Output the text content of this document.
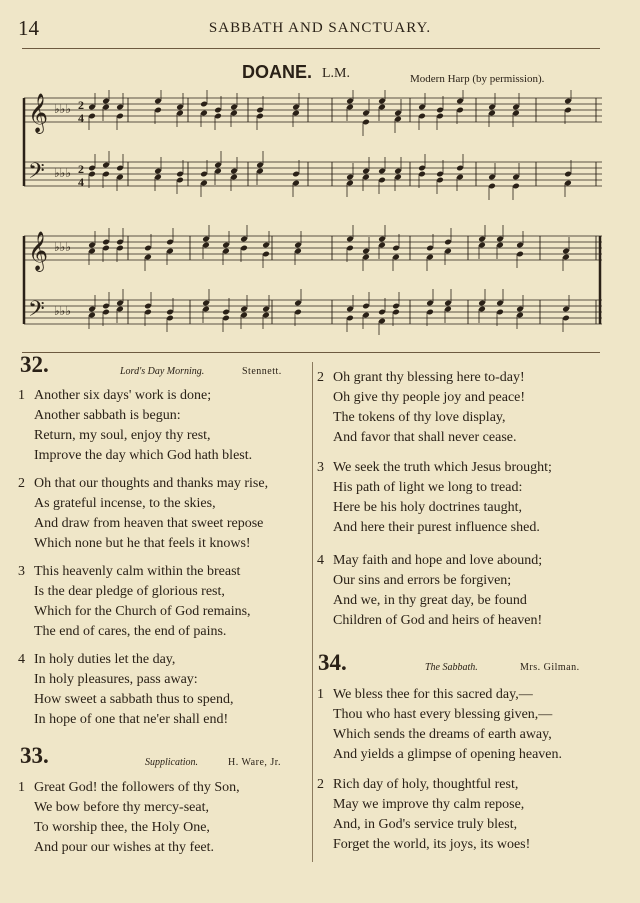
14	SABBATH AND SANCTUARY.
DOANE. L.M.	Modern Harp (by permission).
𝄞 ♭♭♭ 2
4
𝄢 ♭♭♭ 2
4
𝄞 ♭♭♭
𝄢 ♭♭♭
32.	Lord's Day Morning.	Stennett.
1 Another six days' work is done;
Another sabbath is begun:
Return, my soul, enjoy thy rest,
Improve the day which God hath blest.
2 Oh that our thoughts and thanks may rise,
As grateful incense, to the skies,
And draw from heaven that sweet repose
Which none but he that feels it knows!
3 This heavenly calm within the breast
Is the dear pledge of glorious rest,
Which for the Church of God remains,
The end of cares, the end of pains.
4 In holy duties let the day,
In holy pleasures, pass away:
How sweet a sabbath thus to spend,
In hope of one that ne'er shall end!
33.	Supplication.	H. Ware, Jr.
1 Great God! the followers of thy Son,
We bow before thy mercy-seat,
To worship thee, the Holy One,
And pour our wishes at thy feet.
2 Oh grant thy blessing here to-day!
Oh give thy people joy and peace!
The tokens of thy love display,
And favor that shall never cease.
3 We seek the truth which Jesus brought;
His path of light we long to tread:
Here be his holy doctrines taught,
And here their purest influence shed.
4 May faith and hope and love abound;
Our sins and errors be forgiven;
And we, in thy great day, be found
Children of God and heirs of heaven!
34.	The Sabbath.	Mrs. Gilman.
1 We bless thee for this sacred day,—
Thou who hast every blessing given,—
Which sends the dreams of earth away,
And yields a glimpse of opening heaven.
2 Rich day of holy, thoughtful rest,
May we improve thy calm repose,
And, in God's service truly blest,
Forget the world, its joys, its woes!
